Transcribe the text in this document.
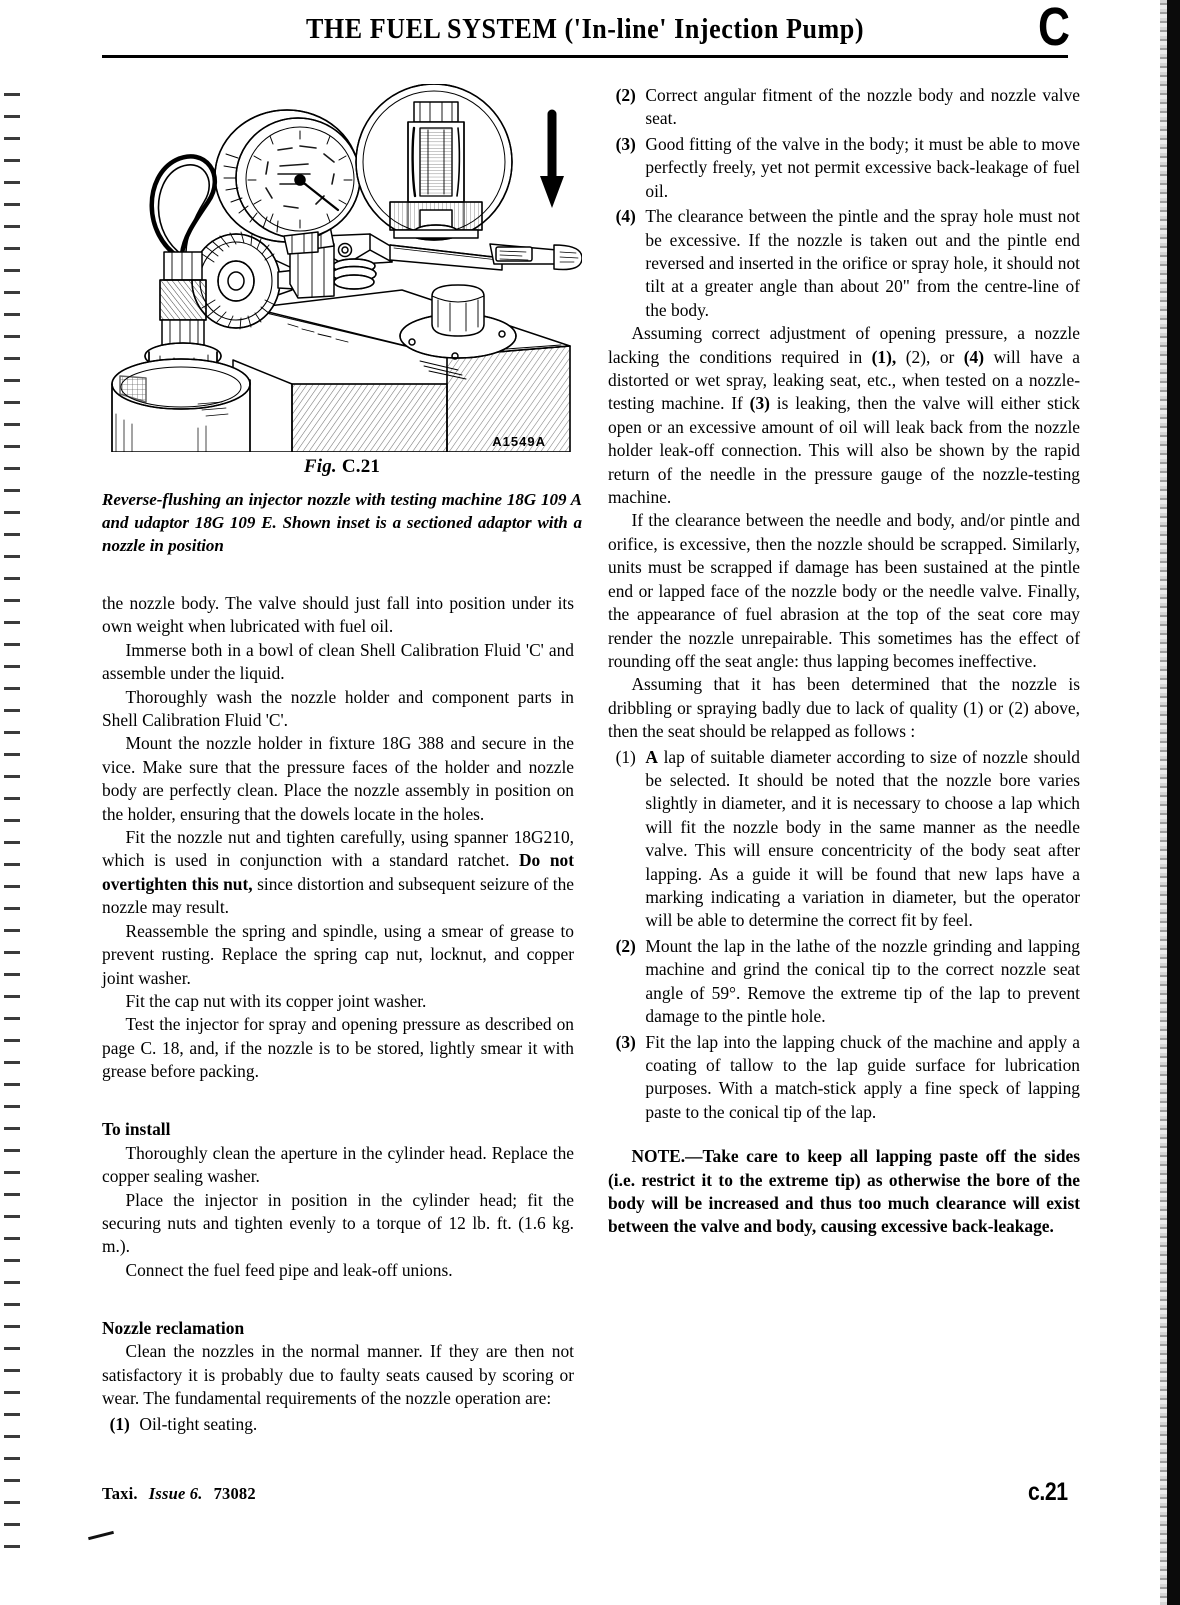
THE FUEL SYSTEM ('In-line' Injection Pump)	C
A1549A
Fig. C.21
Reverse-flushing an injector nozzle with testing machine 18G 109 A and udaptor 18G 109 E. Shown inset is a sectioned adaptor with a nozzle in position

the nozzle body. The valve should just fall into position under its own weight when lubricated with fuel oil.

Immerse both in a bowl of clean Shell Calibration Fluid 'C' and assemble under the liquid.

Thoroughly wash the nozzle holder and component parts in Shell Calibration Fluid 'C'.

Mount the nozzle holder in fixture 18G 388 and secure in the vice. Make sure that the pressure faces of the holder and nozzle body are perfectly clean. Place the nozzle assembly in position on the holder, ensuring that the dowels locate in the holes.

Fit the nozzle nut and tighten carefully, using spanner 18G210, which is used in conjunction with a standard ratchet. Do not overtighten this nut, since distortion and subsequent seizure of the nozzle may result.

Reassemble the spring and spindle, using a smear of grease to prevent rusting. Replace the spring cap nut, locknut, and copper joint washer.

Fit the cap nut with its copper joint washer.

Test the injector for spray and opening pressure as described on page C. 18, and, if the nozzle is to be stored, lightly smear it with grease before packing.

To install

Thoroughly clean the aperture in the cylinder head. Replace the copper sealing washer.

Place the injector in position in the cylinder head; fit the securing nuts and tighten evenly to a torque of 12 lb. ft. (1.6 kg. m.).

Connect the fuel feed pipe and leak-off unions.

Nozzle reclamation

Clean the nozzles in the normal manner. If they are then not satisfactory it is probably due to faulty seats caused by scoring or wear. The fundamental requirements of the nozzle operation are:

(1) Oil-tight seating.
(2) Correct angular fitment of the nozzle body and nozzle valve seat.
(3) Good fitting of the valve in the body; it must be able to move perfectly freely, yet not permit excessive back-leakage of fuel oil.
(4) The clearance between the pintle and the spray hole must not be excessive. If the nozzle is taken out and the pintle end reversed and inserted in the orifice or spray hole, it should not tilt at a greater angle than about 20" from the centre-line of the body.

Assuming correct adjustment of opening pressure, a nozzle lacking the conditions required in (1), (2), or (4) will have a distorted or wet spray, leaking seat, etc., when tested on a nozzle-testing machine. If (3) is leaking, then the valve will either stick open or an excessive amount of oil will leak back from the nozzle holder leak-off connection. This will also be shown by the rapid return of the needle in the pressure gauge of the nozzle-testing machine.

If the clearance between the needle and body, and/or pintle and orifice, is excessive, then the nozzle should be scrapped. Similarly, units must be scrapped if damage has been sustained at the pintle end or lapped face of the nozzle body or the needle valve. Finally, the appearance of fuel abrasion at the top of the seat core may render the nozzle unrepairable. This sometimes has the effect of rounding off the seat angle: thus lapping becomes ineffective.

Assuming that it has been determined that the nozzle is dribbling or spraying badly due to lack of quality (1) or (2) above, then the seat should be relapped as follows :

(1) A lap of suitable diameter according to size of nozzle should be selected. It should be noted that the nozzle bore varies slightly in diameter, and it is necessary to choose a lap which will fit the nozzle body in the same manner as the needle valve. This will ensure concentricity of the body seat after lapping. As a guide it will be found that new laps have a marking indicating a variation in diameter, but the operator will be able to determine the correct fit by feel.
(2) Mount the lap in the lathe of the nozzle grinding and lapping machine and grind the conical tip to the correct nozzle seat angle of 59°. Remove the extreme tip of the lap to prevent damage to the pintle hole.
(3) Fit the lap into the lapping chuck of the machine and apply a coating of tallow to the lap guide surface for lubrication purposes. With a match-stick apply a fine speck of lapping paste to the conical tip of the lap.

NOTE.—Take care to keep all lapping paste off the sides (i.e. restrict it to the extreme tip) as otherwise the bore of the body will be increased and thus too much clearance will exist between the valve and body, causing excessive back-leakage.

Taxi. Issue 6. 73082	c.21
